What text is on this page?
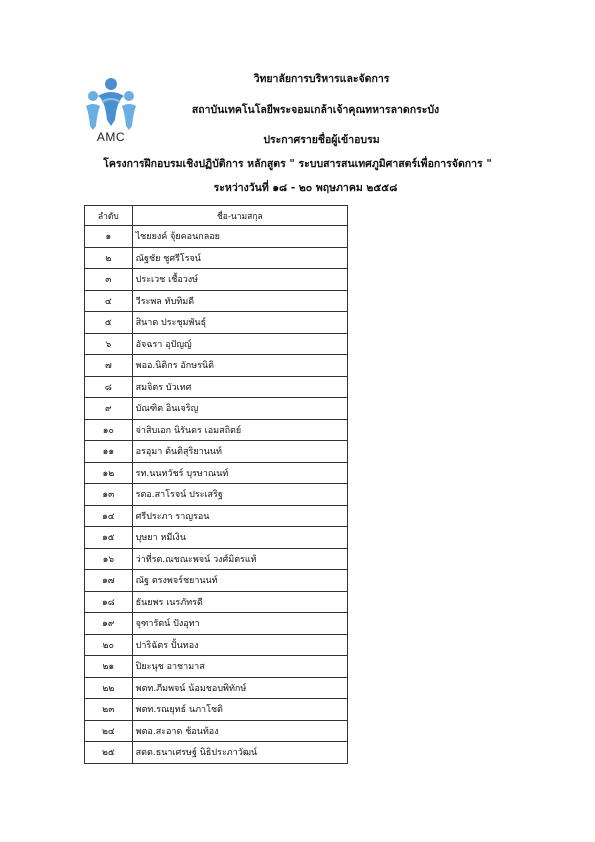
AMC
วิทยาลัยการบริหารและจัดการ
สถาบันเทคโนโลยีพระจอมเกล้าเจ้าคุณทหารลาดกระบัง
ประกาศรายชื่อผู้เข้าอบรม
โครงการฝึกอบรมเชิงปฏิบัติการ หลักสูตร " ระบบสารสนเทศภูมิศาสตร์เพื่อการจัดการ "
ระหว่างวันที่ ๑๘ - ๒๐ พฤษภาคม ๒๕๕๘
ลำดับ	ชื่อ-นามสกุล
๑	ไชยยงค์ จุ้ยคอนกลอย
๒	ณัฐชัย ชูศรีโรจน์
๓	ประเวช เชื้อวงษ์
๔	วีระพล ทับทิมดี
๕	สินาด ประชุมพันธุ์
๖	อัจฉรา อุปัญญ์
๗	พออ.นิติกร อักษรนิติ
๘	สมจิตร บัวเทศ
๙	บัณฑิต อินเจริญ
๑๐	จ่าสิบเอก นิรันดร เอมสถิตย์
๑๑	อรอุมา ต้นติสุริยานนท์
๑๒	รท.นนทวัชร์ บุรษาณนท์
๑๓	รตอ.สาโรจน์ ประเสริฐ
๑๔	ศรีประภา ราญรอน
๑๕	บุษยา หมีเงิน
๑๖	ว่าที่รต.ณชณะพจน์ วงศ์มิตรแท้
๑๗	ณัฐ ตรงพจร์ชยานนท์
๑๘	ธันยพร เนรภัทรดี
๑๙	จุฑารัตน์ ปังอุทา
๒๐	ปาริฉัตร ปั้นทอง
๒๑	ปิยะนุช อาชามาส
๒๒	พตท.ภีมพจน์ น้อมชอบพิทักษ์
๒๓	พตท.รณยุทธ์ นภาโชติ
๒๔	พตอ.สะอาด ช้อนท้อง
๒๕	สตต.ธนาเศรษฐ์ นิธิประภาวัฒน์
